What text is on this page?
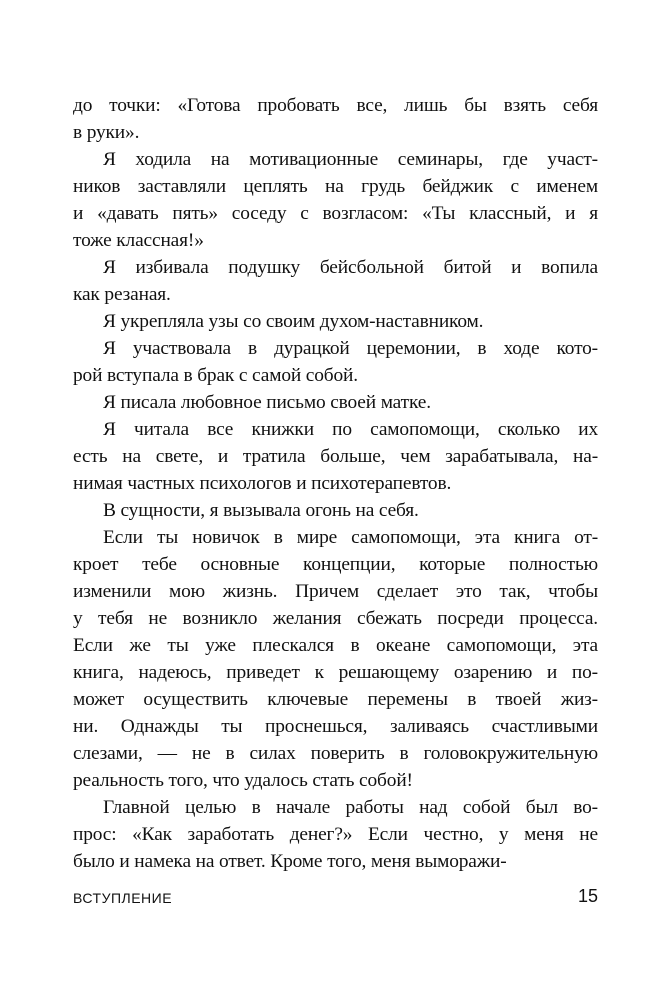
до точки: «Готова пробовать все, лишь бы взять себя
в руки».

Я ходила на мотивационные семинары, где участ-
ников заставляли цеплять на грудь бейджик с именем
и «давать пять» соседу с возгласом: «Ты классный, и я
тоже классная!»

Я избивала подушку бейсбольной битой и вопила
как резаная.

Я укрепляла узы со своим духом-наставником.

Я участвовала в дурацкой церемонии, в ходе кото-
рой вступала в брак с самой собой.

Я писала любовное письмо своей матке.

Я читала все книжки по самопомощи, сколько их
есть на свете, и тратила больше, чем зарабатывала, на-
нимая частных психологов и психотерапевтов.

В сущности, я вызывала огонь на себя.

Если ты новичок в мире самопомощи, эта книга от-
кроет тебе основные концепции, которые полностью
изменили мою жизнь. Причем сделает это так, чтобы
у тебя не возникло желания сбежать посреди процесса.
Если же ты уже плескался в океане самопомощи, эта
книга, надеюсь, приведет к решающему озарению и по-
может осуществить ключевые перемены в твоей жиз-
ни. Однажды ты проснешься, заливаясь счастливыми
слезами, — не в силах поверить в головокружительную
реальность того, что удалось стать собой!

Главной целью в начале работы над собой был во-
прос: «Как заработать денег?» Если честно, у меня не
было и намека на ответ. Кроме того, меня выморажи-

ВСТУПЛЕНИЕ	15
